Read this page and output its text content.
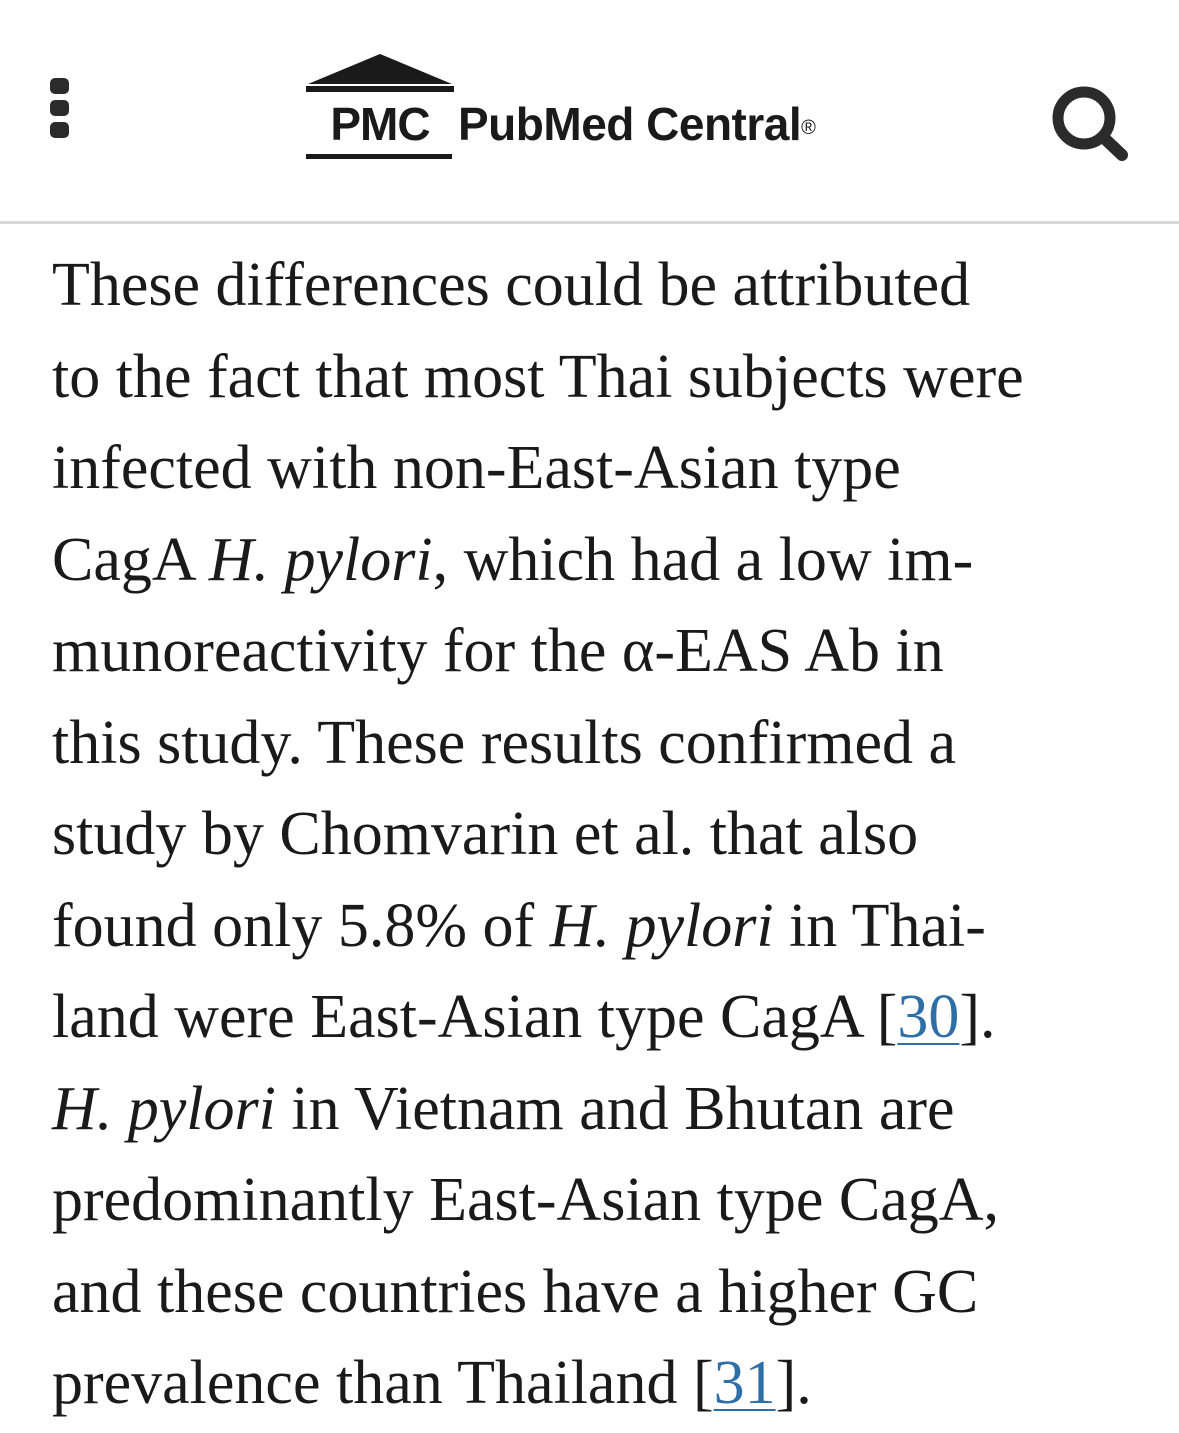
PMC PubMed Central®
These differences could be attributed
to the fact that most Thai subjects were
infected with non-East-Asian type
CagA H. pylori, which had a low im-
munoreactivity for the α-EAS Ab in
this study. These results confirmed a
study by Chomvarin et al. that also
found only 5.8% of H. pylori in Thai-
land were East-Asian type CagA [30].
H. pylori in Vietnam and Bhutan are
predominantly East-Asian type CagA,
and these countries have a higher GC
prevalence than Thailand [31].
